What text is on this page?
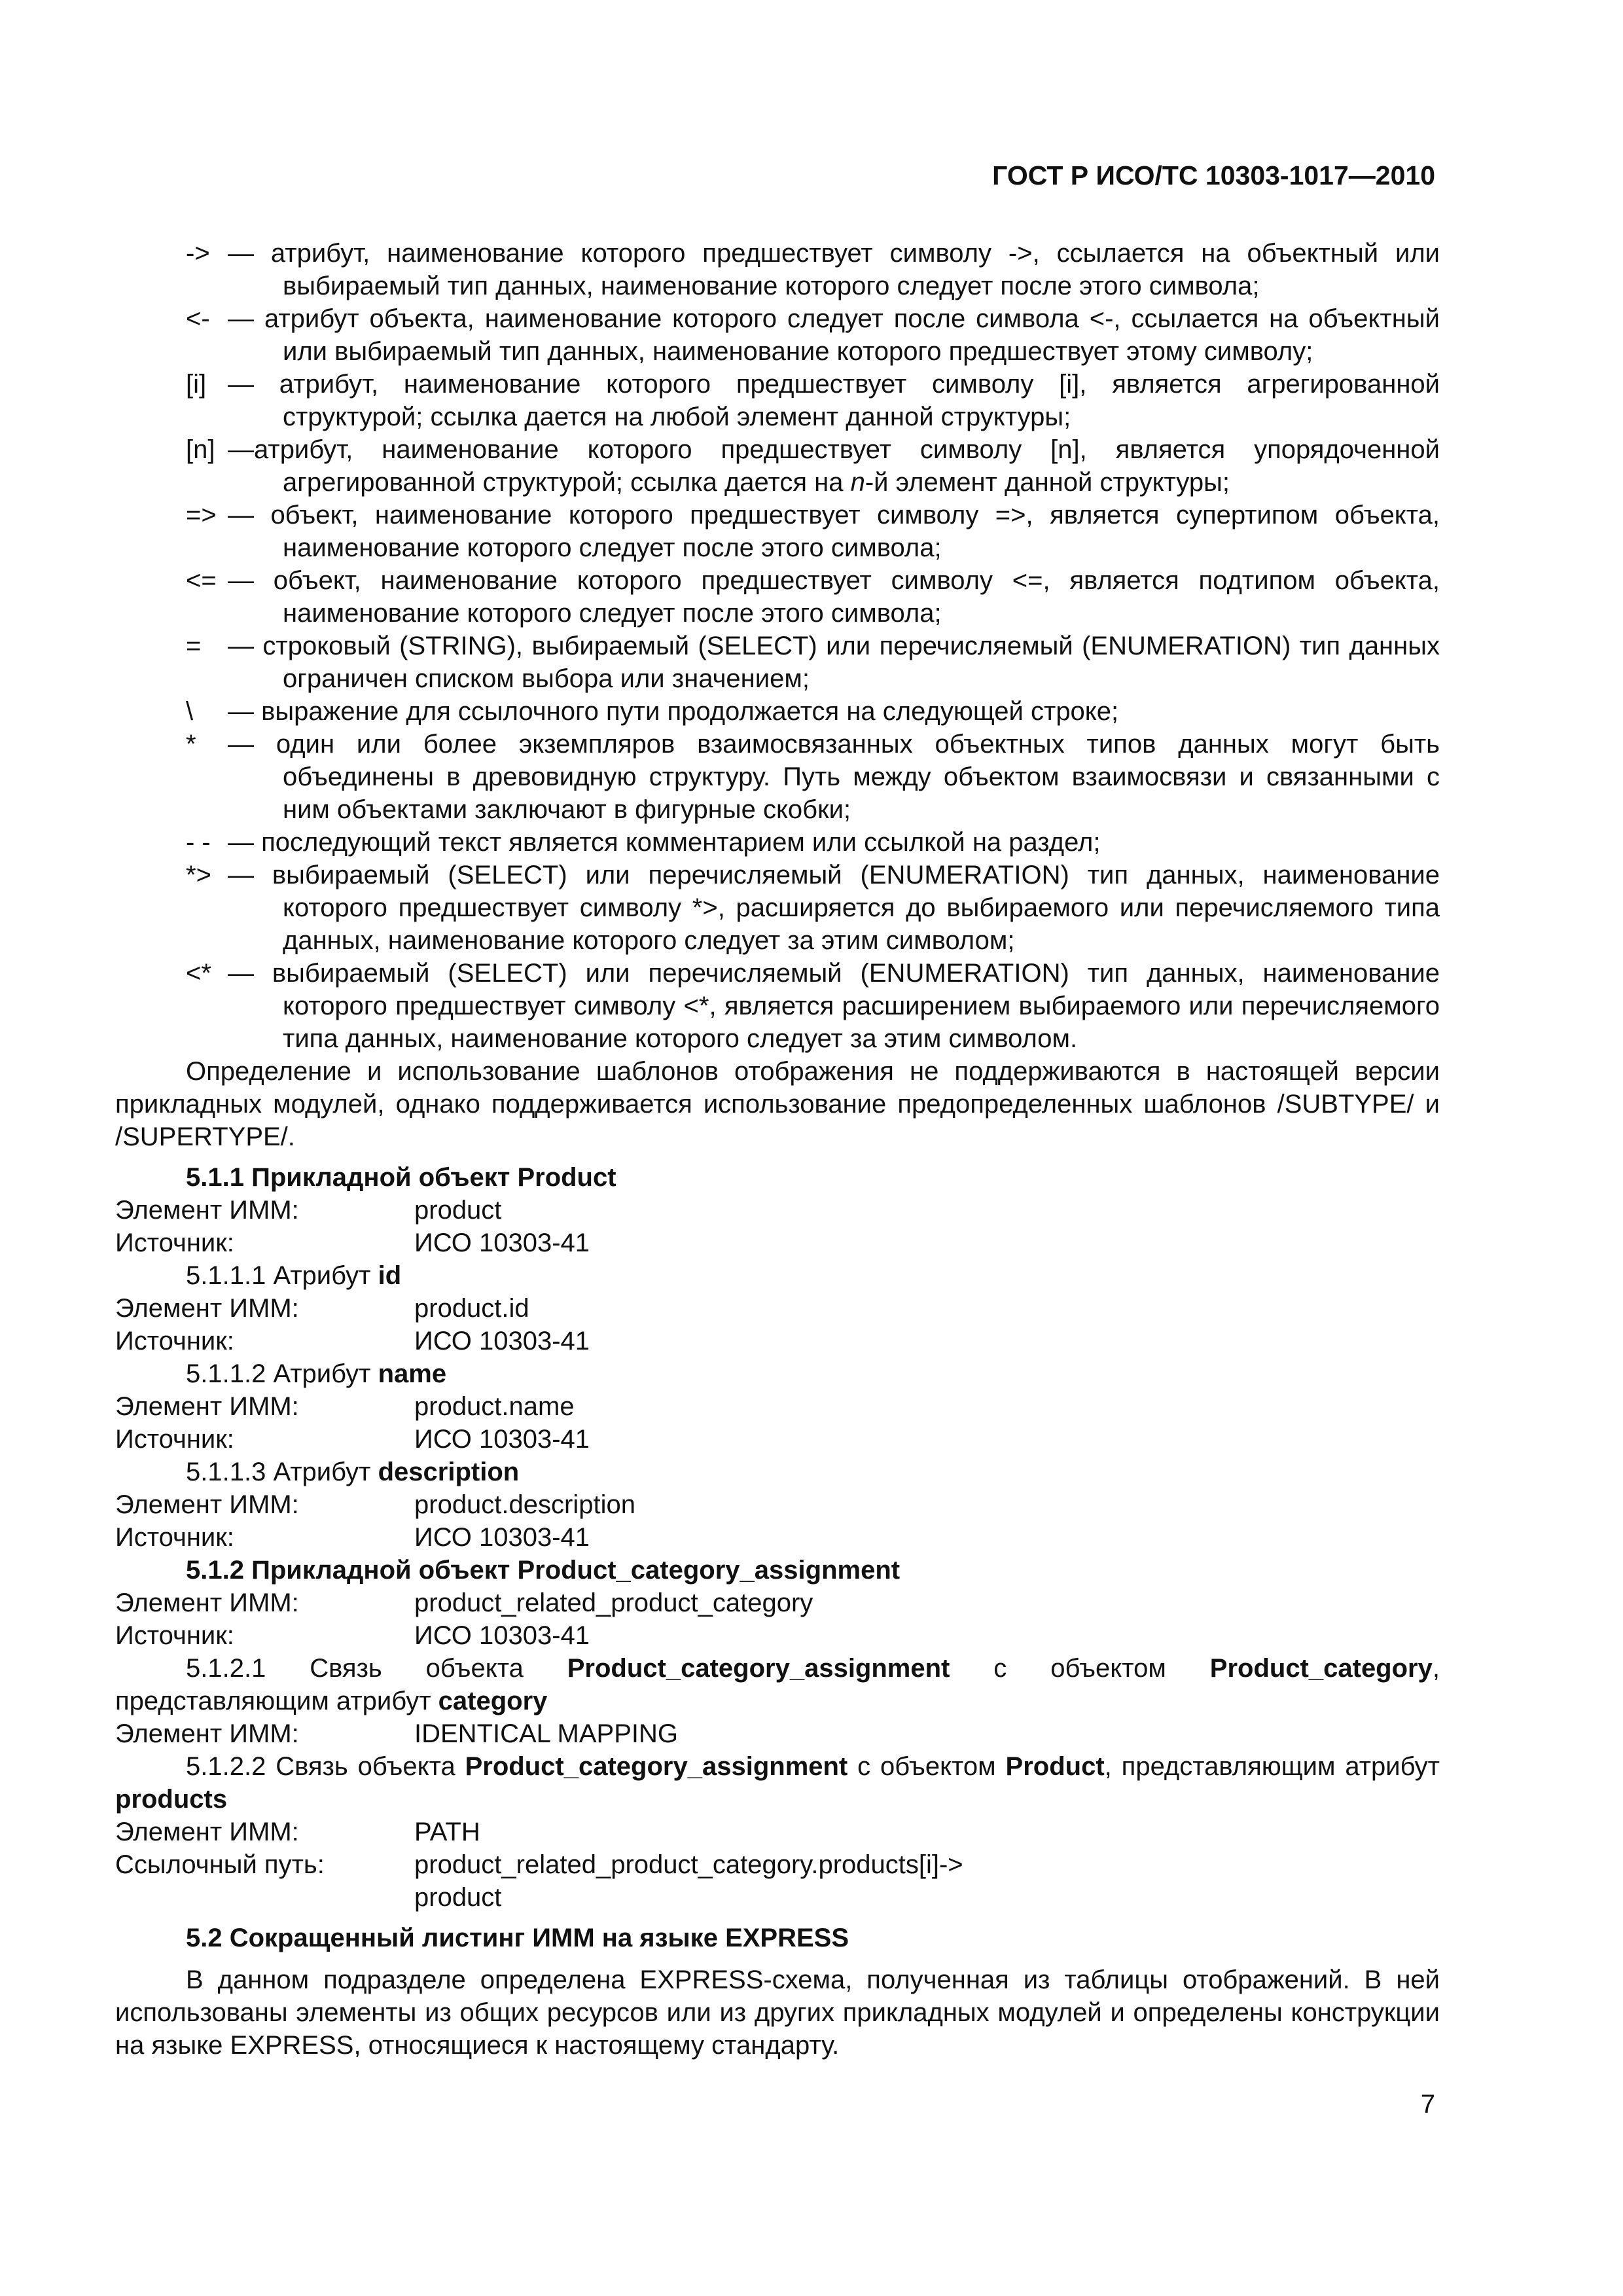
ГОСТ Р ИСО/ТС 10303-1017—2010
-> — атрибут, наименование которого предшествует символу ->, ссылается на объектный или выбираемый тип данных, наименование которого следует после этого символа;
<- — атрибут объекта, наименование которого следует после символа <-, ссылается на объектный или выбираемый тип данных, наименование которого предшествует этому символу;
[i] — атрибут, наименование которого предшествует символу [i], является агрегированной структурой; ссылка дается на любой элемент данной структуры;
[n] —атрибут, наименование которого предшествует символу [n], является упорядоченной агрегированной структурой; ссылка дается на n-й элемент данной структуры;
=> — объект, наименование которого предшествует символу =>, является супертипом объекта, наименование которого следует после этого символа;
<= — объект, наименование которого предшествует символу <=, является подтипом объекта, наименование которого следует после этого символа;
=	— строковый (STRING), выбираемый (SELECT) или перечисляемый (ENUMERATION) тип данных ограничен списком выбора или значением;
\	— выражение для ссылочного пути продолжается на следующей строке;
*	— один или более экземпляров взаимосвязанных объектных типов данных могут быть объединены в древовидную структуру. Путь между объектом взаимосвязи и связанными с ним объектами заключают в фигурные скобки;
- - — последующий текст является комментарием или ссылкой на раздел;
*> — выбираемый (SELECT) или перечисляемый (ENUMERATION) тип данных, наименование которого предшествует символу *>, расширяется до выбираемого или перечисляемого типа данных, наименование которого следует за этим символом;
<* — выбираемый (SELECT) или перечисляемый (ENUMERATION) тип данных, наименование которого предшествует символу <*, является расширением выбираемого или перечисляемого типа данных, наименование которого следует за этим символом.
Определение и использование шаблонов отображения не поддерживаются в настоящей версии прикладных модулей, однако поддерживается использование предопределенных шаблонов /SUBTYPE/ и /SUPERTYPE/.
5.1.1 Прикладной объект Product
Элемент ИММ:	product
Источник:	ИСО 10303-41
5.1.1.1 Атрибут id
Элемент ИММ:	product.id
Источник:	ИСО 10303-41
5.1.1.2 Атрибут name
Элемент ИММ:	product.name
Источник:	ИСО 10303-41
5.1.1.3 Атрибут description
Элемент ИММ:	product.description
Источник:	ИСО 10303-41
5.1.2 Прикладной объект Product_category_assignment
Элемент ИММ:	product_related_product_category
Источник:	ИСО 10303-41
5.1.2.1 Связь объекта Product_category_assignment с объектом Product_category, представляющим атрибут category
Элемент ИММ:	IDENTICAL MAPPING
5.1.2.2 Связь объекта Product_category_assignment с объектом Product, представляющим атрибут products
Элемент ИММ:	PATH
Ссылочный путь:	product_related_product_category.products[i]->
product
5.2 Сокращенный листинг ИММ на языке EXPRESS
В данном подразделе определена EXPRESS-схема, полученная из таблицы отображений. В ней использованы элементы из общих ресурсов или из других прикладных модулей и определены конструкции на языке EXPRESS, относящиеся к настоящему стандарту.
7
